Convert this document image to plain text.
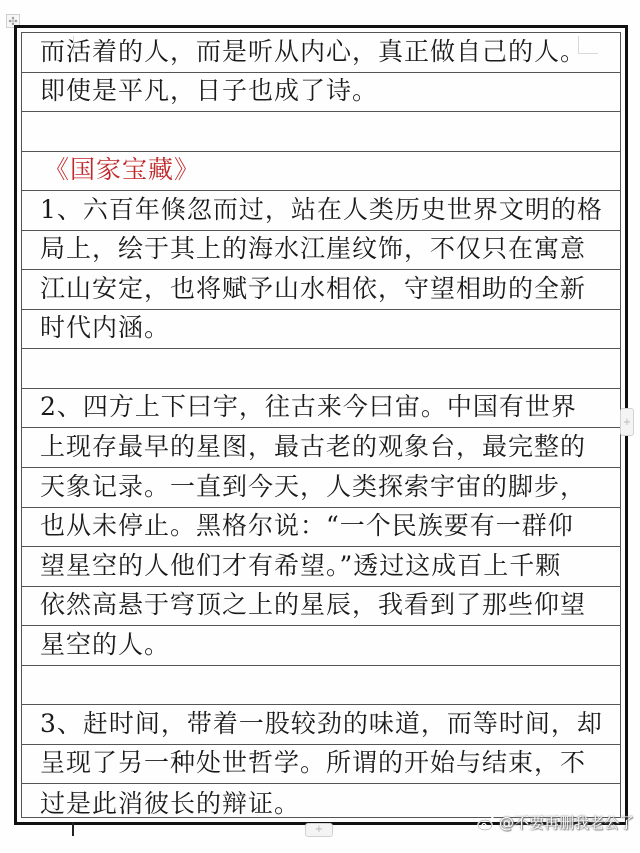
✣
而活着的人，而是听从内心，真正做自己的人。
即使是平凡，日子也成了诗。
《国家宝藏》
1、六百年倏忽而过，站在人类历史世界文明的格
局上，绘于其上的海水江崖纹饰，不仅只在寓意
江山安定，也将赋予山水相依，守望相助的全新
时代内涵。
2、四方上下曰宇，往古来今曰宙。中国有世界
上现存最早的星图，最古老的观象台，最完整的
天象记录。一直到今天，人类探索宇宙的脚步，
也从未停止。黑格尔说：“一个民族要有一群仰
望星空的人他们才有希望。”透过这成百上千颗
依然高悬于穹顶之上的星辰，我看到了那些仰望
星空的人。
3、赶时间，带着一股较劲的味道，而等时间，却
呈现了另一种处世哲学。所谓的开始与结束，不
过是此消彼长的辩证。
+
+	@不要再删我老公了
